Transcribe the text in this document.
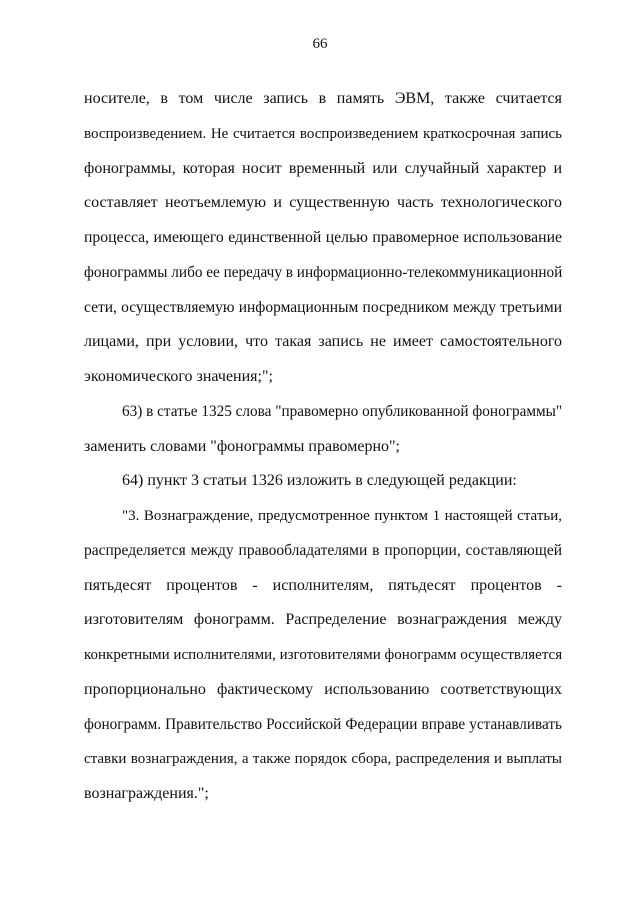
66
носителе, в том числе запись в память ЭВМ, также считается
воспроизведением. Не считается воспроизведением краткосрочная запись
фонограммы, которая носит временный или случайный характер и
составляет неотъемлемую и существенную часть технологического
процесса, имеющего единственной целью правомерное использование
фонограммы либо ее передачу в информационно-телекоммуникационной
сети, осуществляемую информационным посредником между третьими
лицами, при условии, что такая запись не имеет самостоятельного
экономического значения;";
63) в статье 1325 слова "правомерно опубликованной фонограммы"
заменить словами "фонограммы правомерно";
64) пункт 3 статьи 1326 изложить в следующей редакции:
"3. Вознаграждение, предусмотренное пунктом 1 настоящей статьи,
распределяется между правообладателями в пропорции, составляющей
пятьдесят процентов - исполнителям, пятьдесят процентов -
изготовителям фонограмм. Распределение вознаграждения между
конкретными исполнителями, изготовителями фонограмм осуществляется
пропорционально фактическому использованию соответствующих
фонограмм. Правительство Российской Федерации вправе устанавливать
ставки вознаграждения, а также порядок сбора, распределения и выплаты
вознаграждения.";
